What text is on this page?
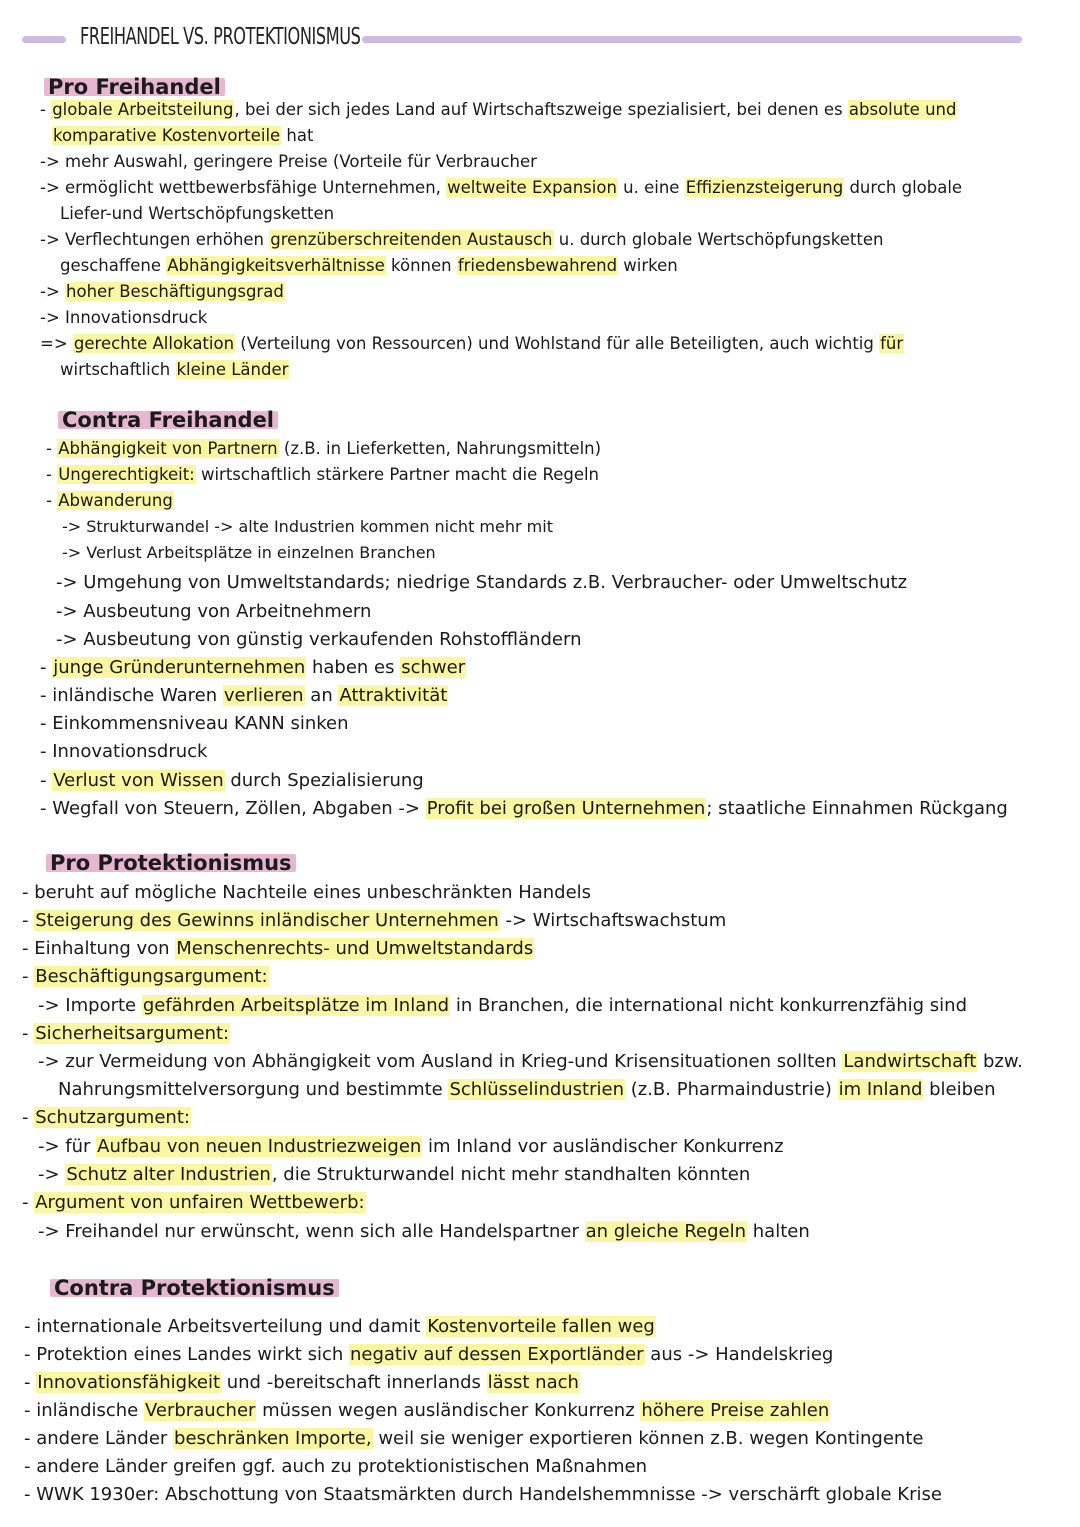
FREIHANDEL VS. PROTEKTIONISMUS
Pro Freihandel
Contra Freihandel
Pro Protektionismus
Contra Protektionismus
- globale Arbeitsteilung, bei der sich jedes Land auf Wirtschaftszweige spezialisiert, bei denen es absolute und
komparative Kostenvorteile hat
-> mehr Auswahl, geringere Preise (Vorteile für Verbraucher
-> ermöglicht wettbewerbsfähige Unternehmen, weltweite Expansion u. eine Effizienzsteigerung durch globale
Liefer-und Wertschöpfungsketten
-> Verflechtungen erhöhen grenzüberschreitenden Austausch u. durch globale Wertschöpfungsketten
geschaffene Abhängigkeitsverhältnisse können friedensbewahrend wirken
-> hoher Beschäftigungsgrad
-> Innovationsdruck
=> gerechte Allokation (Verteilung von Ressourcen) und Wohlstand für alle Beteiligten, auch wichtig für
wirtschaftlich kleine Länder
- Abhängigkeit von Partnern (z.B. in Lieferketten, Nahrungsmitteln)
- Ungerechtigkeit: wirtschaftlich stärkere Partner macht die Regeln
- Abwanderung
-> Strukturwandel -> alte Industrien kommen nicht mehr mit
-> Verlust Arbeitsplätze in einzelnen Branchen
-> Umgehung von Umweltstandards; niedrige Standards z.B. Verbraucher- oder Umweltschutz
-> Ausbeutung von Arbeitnehmern
-> Ausbeutung von günstig verkaufenden Rohstoffländern
- junge Gründerunternehmen haben es schwer
- inländische Waren verlieren an Attraktivität
- Einkommensniveau KANN sinken
- Innovationsdruck
- Verlust von Wissen durch Spezialisierung
- Wegfall von Steuern, Zöllen, Abgaben -> Profit bei großen Unternehmen; staatliche Einnahmen Rückgang
- beruht auf mögliche Nachteile eines unbeschränkten Handels
- Steigerung des Gewinns inländischer Unternehmen -> Wirtschaftswachstum
- Einhaltung von Menschenrechts- und Umweltstandards
- Beschäftigungsargument:
-> Importe gefährden Arbeitsplätze im Inland in Branchen, die international nicht konkurrenzfähig sind
- Sicherheitsargument:
-> zur Vermeidung von Abhängigkeit vom Ausland in Krieg-und Krisensituationen sollten Landwirtschaft bzw.
Nahrungsmittelversorgung und bestimmte Schlüsselindustrien (z.B. Pharmaindustrie) im Inland bleiben
- Schutzargument:
-> für Aufbau von neuen Industriezweigen im Inland vor ausländischer Konkurrenz
-> Schutz alter Industrien, die Strukturwandel nicht mehr standhalten könnten
- Argument von unfairen Wettbewerb:
-> Freihandel nur erwünscht, wenn sich alle Handelspartner an gleiche Regeln halten
- internationale Arbeitsverteilung und damit Kostenvorteile fallen weg
- Protektion eines Landes wirkt sich negativ auf dessen Exportländer aus -> Handelskrieg
- Innovationsfähigkeit und -bereitschaft innerlands lässt nach
- inländische Verbraucher müssen wegen ausländischer Konkurrenz höhere Preise zahlen
- andere Länder beschränken Importe, weil sie weniger exportieren können z.B. wegen Kontingente
- andere Länder greifen ggf. auch zu protektionistischen Maßnahmen
- WWK 1930er: Abschottung von Staatsmärkten durch Handelshemmnisse -> verschärft globale Krise
